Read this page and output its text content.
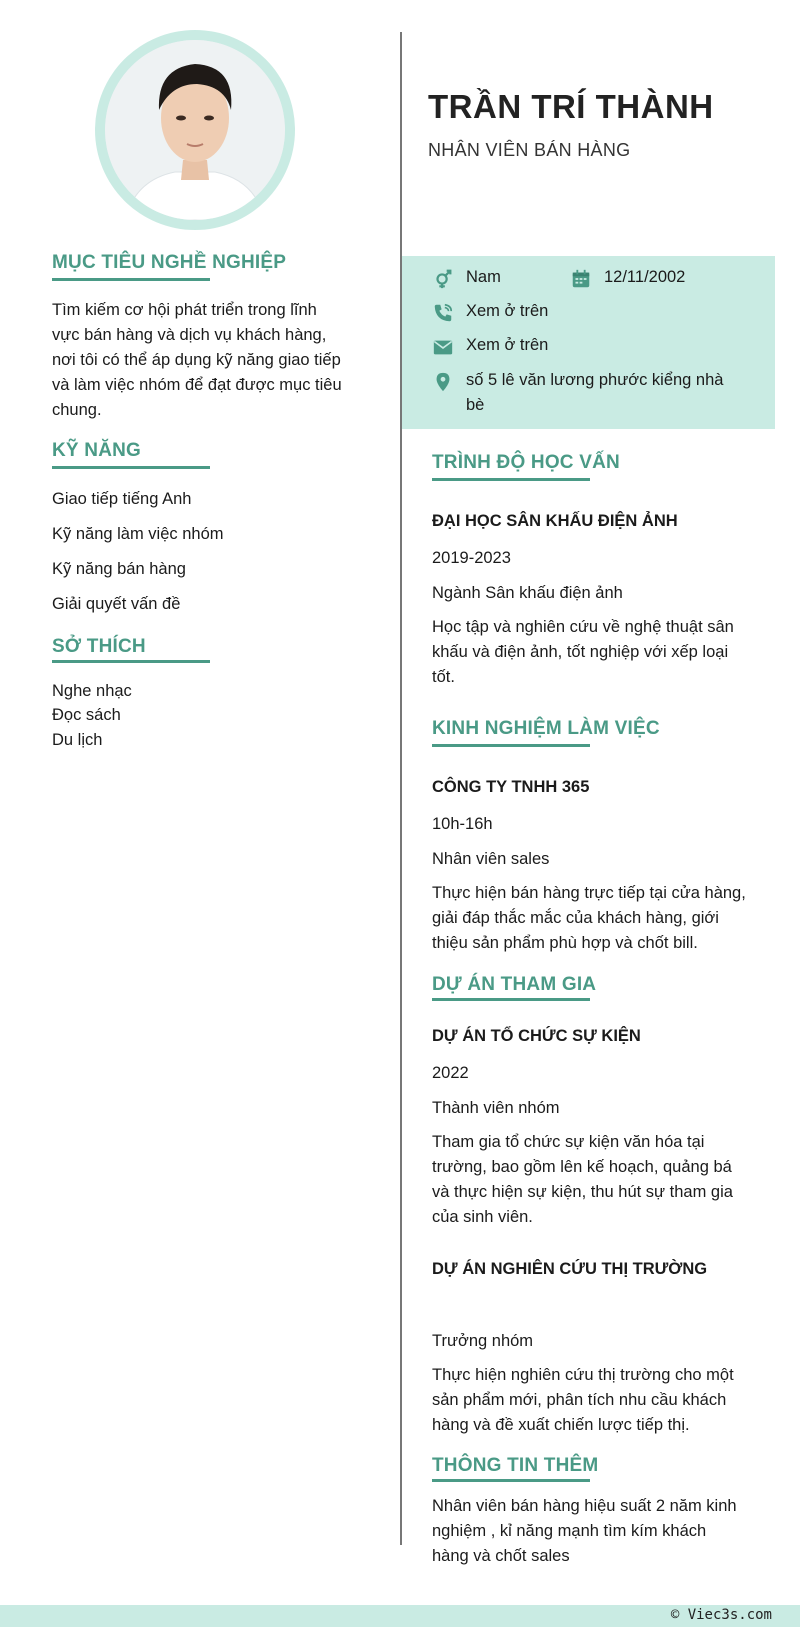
MỤC TIÊU NGHỀ NGHIỆP
Tìm kiếm cơ hội phát triển trong lĩnh
vực bán hàng và dịch vụ khách hàng,
nơi tôi có thể áp dụng kỹ năng giao tiếp
và làm việc nhóm để đạt được mục tiêu
chung.
KỸ NĂNG
Giao tiếp tiếng Anh
Kỹ năng làm việc nhóm
Kỹ năng bán hàng
Giải quyết vấn đề
SỞ THÍCH
Nghe nhạc
Đọc sách
Du lịch
TRẦN TRÍ THÀNH
NHÂN VIÊN BÁN HÀNG
Nam	12/11/2002
Xem ở trên
Xem ở trên
số 5 lê văn lương phước kiểng nhà
bè
TRÌNH ĐỘ HỌC VẤN
ĐẠI HỌC SÂN KHẤU ĐIỆN ẢNH
2019-2023
Ngành Sân khấu điện ảnh
Học tập và nghiên cứu về nghệ thuật sân
khấu và điện ảnh, tốt nghiệp với xếp loại
tốt.
KINH NGHIỆM LÀM VIỆC
CÔNG TY TNHH 365
10h-16h
Nhân viên sales
Thực hiện bán hàng trực tiếp tại cửa hàng,
giải đáp thắc mắc của khách hàng, giới
thiệu sản phẩm phù hợp và chốt bill.
DỰ ÁN THAM GIA
DỰ ÁN TỔ CHỨC SỰ KIỆN
2022
Thành viên nhóm
Tham gia tổ chức sự kiện văn hóa tại
trường, bao gồm lên kế hoạch, quảng bá
và thực hiện sự kiện, thu hút sự tham gia
của sinh viên.
DỰ ÁN NGHIÊN CỨU THỊ TRƯỜNG
Trưởng nhóm
Thực hiện nghiên cứu thị trường cho một
sản phẩm mới, phân tích nhu cầu khách
hàng và đề xuất chiến lược tiếp thị.
THÔNG TIN THÊM
Nhân viên bán hàng hiệu suất 2 năm kinh
nghiệm , kỉ năng mạnh tìm kím khách
hàng và chốt sales
© Viec3s.com
